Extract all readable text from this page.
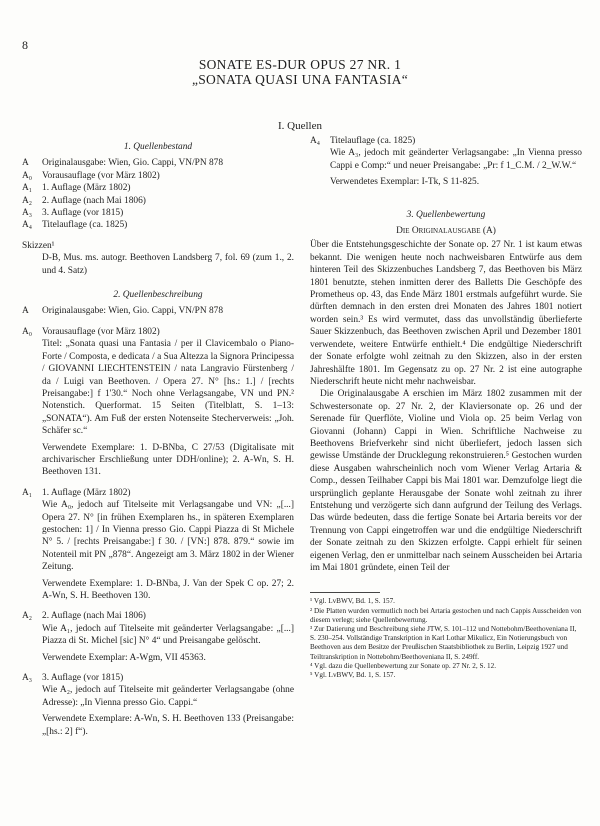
8
SONATE ES-DUR OPUS 27 NR. 1
„SONATA QUASI UNA FANTASIA“
I. Quellen
1. Quellenbestand
A	Originalausgabe: Wien, Gio. Cappi, VN/PN 878
A₀	Vorausauflage (vor März 1802)
A₁	1. Auflage (März 1802)
A₂	2. Auflage (nach Mai 1806)
A₃	3. Auflage (vor 1815)
A₄	Titelauflage (ca. 1825)
Skizzen¹
D-B, Mus. ms. autogr. Beethoven Landsberg 7, fol. 69 (zum 1., 2. und 4. Satz)
2. Quellenbeschreibung
A	Originalausgabe: Wien, Gio. Cappi, VN/PN 878
A₀	Vorausauflage (vor März 1802)
Titel: „Sonata quasi una Fantasia / per il Clavicembalo o Piano-Forte / Composta, e dedicata / a Sua Altezza la Signora Principessa / GIOVANNI LIECHTENSTEIN / nata Langravio Fürstenberg / da / Luigi van Beethoven. / Opera 27. N° [hs.: 1.] / [rechts Preisangabe:] f 1'30.“ Noch ohne Verlagsangabe, VN und PN.² Notenstich. Querformat. 15 Seiten (Titelblatt, S. 1–13: „SONATA“). Am Fuß der ersten Notenseite Stecherverweis: „Joh. Schäfer sc.“
Verwendete Exemplare: 1. D-BNba, C 27/53 (Digitalisate mit archivarischer Erschließung unter DDH/online); 2. A-Wn, S. H. Beethoven 131.
A₁	1. Auflage (März 1802)
Wie A₀, jedoch auf Titelseite mit Verlagsangabe und VN: „[...] Opera 27. N° [in frühen Exemplaren hs., in späteren Exemplaren gestochen: 1] / In Vienna presso Gio. Cappi Piazza di St Michele N° 5. / [rechts Preisangabe:] f 30. / [VN:] 878. 879.“ sowie im Notenteil mit PN „878“. Angezeigt am 3. März 1802 in der Wiener Zeitung.
Verwendete Exemplare: 1. D-BNba, J. Van der Spek C op. 27; 2. A-Wn, S. H. Beethoven 130.
A₂	2. Auflage (nach Mai 1806)
Wie A₁, jedoch auf Titelseite mit geänderter Verlagsangabe: „[...] Piazza di St. Michel [sic] N° 4“ und Preisangabe gelöscht.
Verwendete Exemplar: A-Wgm, VII 45363.
A₃	3. Auflage (vor 1815)
Wie A₂, jedoch auf Titelseite mit geänderter Verlagsangabe (ohne Adresse): „In Vienna presso Gio. Cappi.“
Verwendete Exemplare: A-Wn, S. H. Beethoven 133 (Preisangabe: „[hs.: 2] f“).
A₄	Titelauflage (ca. 1825)
Wie A₃, jedoch mit geänderter Verlagsangabe: „In Vienna presso Cappi e Comp:“ und neuer Preisangabe: „Pr: f 1_C.M. / 2_W.W.“
Verwendetes Exemplar: I-Tk, S 11-825.
3. Quellenbewertung
Die Originalausgabe (A)
Über die Entstehungsgeschichte der Sonate op. 27 Nr. 1 ist kaum etwas bekannt. Die wenigen heute noch nachweisbaren Entwürfe aus dem hinteren Teil des Skizzenbuches Landsberg 7, das Beethoven bis März 1801 benutzte, stehen inmitten derer des Balletts Die Geschöpfe des Prometheus op. 43, das Ende März 1801 erstmals aufgeführt wurde. Sie dürften demnach in den ersten drei Monaten des Jahres 1801 notiert worden sein.³ Es wird vermutet, dass das unvollständig überlieferte Sauer Skizzenbuch, das Beethoven zwischen April und Dezember 1801 verwendete, weitere Entwürfe enthielt.⁴ Die endgültige Niederschrift der Sonate erfolgte wohl zeitnah zu den Skizzen, also in der ersten Jahreshälfte 1801. Im Gegensatz zu op. 27 Nr. 2 ist eine autographe Niederschrift heute nicht mehr nachweisbar.
Die Originalausgabe A erschien im März 1802 zusammen mit der Schwestersonate op. 27 Nr. 2, der Klaviersonate op. 26 und der Serenade für Querflöte, Violine und Viola op. 25 beim Verlag von Giovanni (Johann) Cappi in Wien. Schriftliche Nachweise zu Beethovens Briefverkehr sind nicht überliefert, jedoch lassen sich gewisse Umstände der Drucklegung rekonstruieren.⁵ Gestochen wurden diese Ausgaben wahrscheinlich noch vom Wiener Verlag Artaria & Comp., dessen Teilhaber Cappi bis Mai 1801 war. Demzufolge liegt die ursprünglich geplante Herausgabe der Sonate wohl zeitnah zu ihrer Entstehung und verzögerte sich dann aufgrund der Teilung des Verlags. Das würde bedeuten, dass die fertige Sonate bei Artaria bereits vor der Trennung von Cappi eingetroffen war und die endgültige Niederschrift der Sonate zeitnah zu den Skizzen erfolgte. Cappi erhielt für seinen eigenen Verlag, den er unmittelbar nach seinem Ausscheiden bei Artaria im Mai 1801 gründete, einen Teil der
¹ Vgl. LvBWV, Bd. 1, S. 157.
² Die Platten wurden vermutlich noch bei Artaria gestochen und nach Cappis Ausscheiden von diesem verlegt; siehe Quellenbewertung.
³ Zur Datierung und Beschreibung siehe JTW, S. 101–112 und Nottebohm/Beethoveniana II, S. 230–254. Vollständige Transkription in Karl Lothar Mikulicz, Ein Notierungsbuch von Beethoven aus dem Besitze der Preußischen Staatsbibliothek zu Berlin, Leipzig 1927 und Teiltranskription in Nottebohm/Beethoveniana II, S. 249ff.
⁴ Vgl. dazu die Quellenbewertung zur Sonate op. 27 Nr. 2, S. 12.
⁵ Vgl. LvBWV, Bd. 1, S. 157.
